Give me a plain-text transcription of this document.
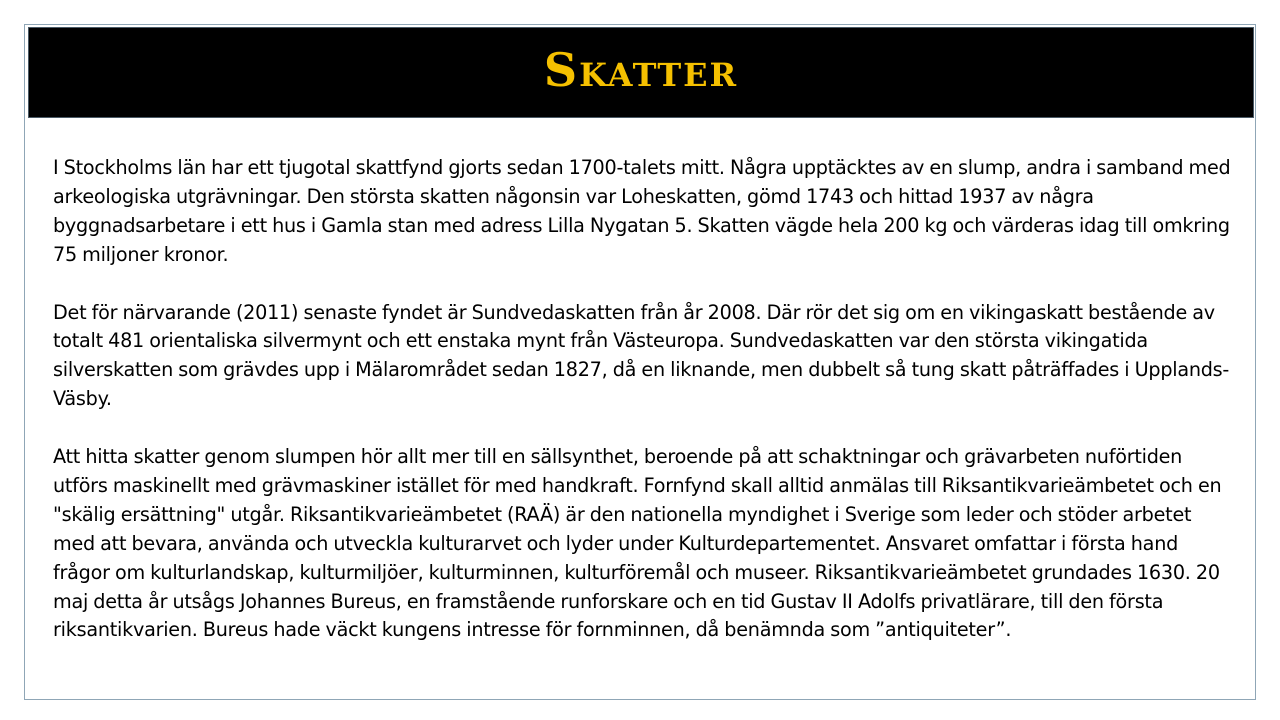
Skatter

I Stockholms län har ett tjugotal skattfynd gjorts sedan 1700-talets mitt. Några upptäcktes av en slump, andra i samband med arkeologiska utgrävningar. Den största skatten någonsin var Loheskatten, gömd 1743 och hittad 1937 av några byggnadsarbetare i ett hus i Gamla stan med adress Lilla Nygatan 5. Skatten vägde hela 200 kg och värderas idag till omkring 75 miljoner kronor.

Det för närvarande (2011) senaste fyndet är Sundvedaskatten från år 2008. Där rör det sig om en vikingaskatt bestående av totalt 481 orientaliska silvermynt och ett enstaka mynt från Västeuropa. Sundvedaskatten var den största vikingatida silverskatten som grävdes upp i Mälarområdet sedan 1827, då en liknande, men dubbelt så tung skatt påträffades i Upplands-Väsby.

Att hitta skatter genom slumpen hör allt mer till en sällsynthet, beroende på att schaktningar och grävarbeten nuförtiden utförs maskinellt med grävmaskiner istället för med handkraft. Fornfynd skall alltid anmälas till Riksantikvarieämbetet och en "skälig ersättning" utgår. Riksantikvarieämbetet (RAÄ) är den nationella myndighet i Sverige som leder och stöder arbetet med att bevara, använda och utveckla kulturarvet och lyder under Kulturdepartementet. Ansvaret omfattar i första hand frågor om kulturlandskap, kulturmiljöer, kulturminnen, kulturföremål och museer. Riksantikvarieämbetet grundades 1630. 20 maj detta år utsågs Johannes Bureus, en framstående runforskare och en tid Gustav II Adolfs privatlärare, till den första riksantikvarien. Bureus hade väckt kungens intresse för fornminnen, då benämnda som ”antiquiteter”.
